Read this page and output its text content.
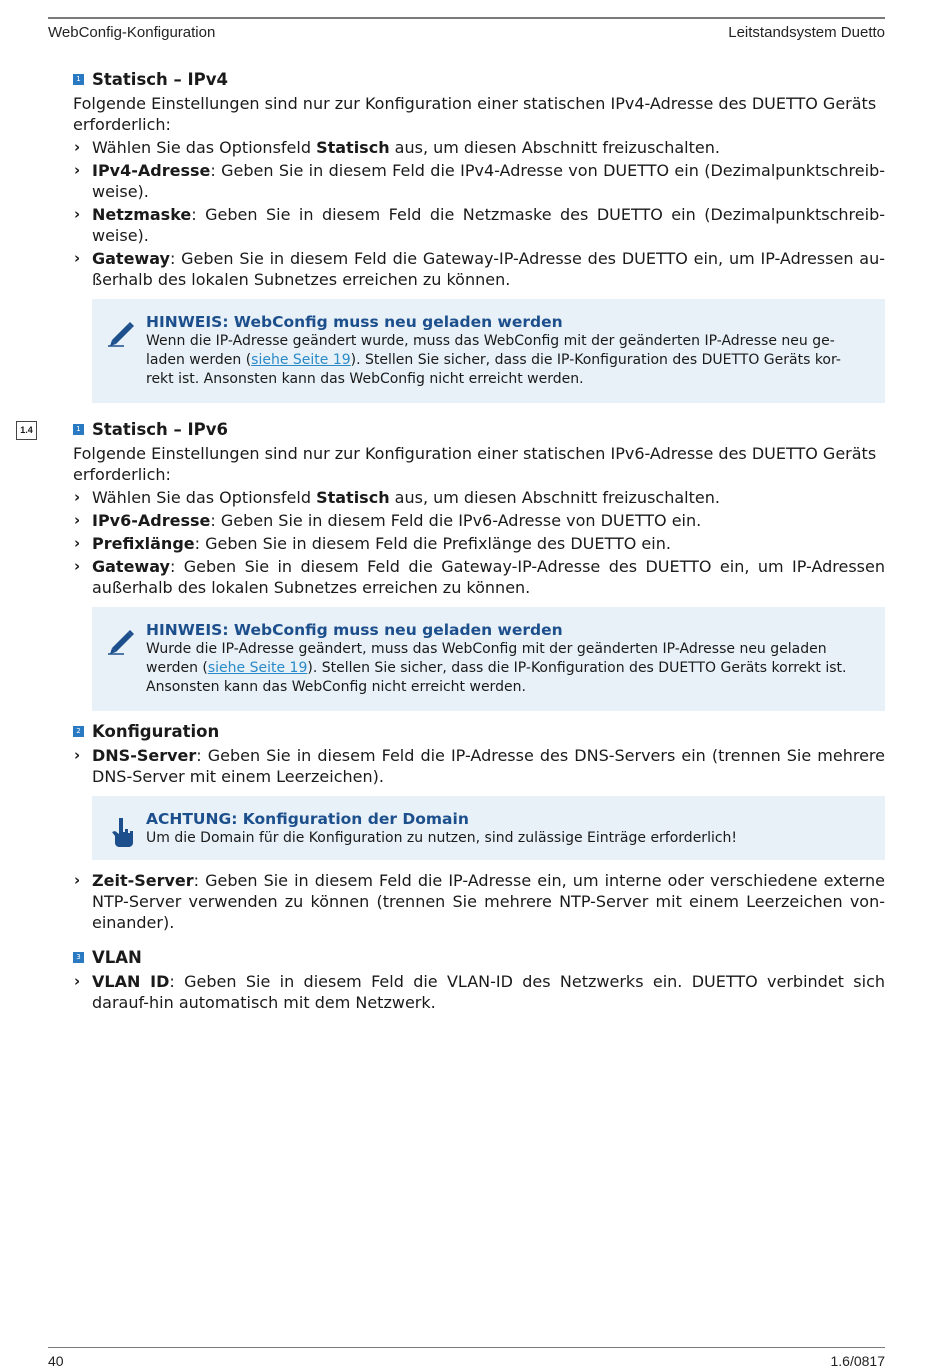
WebConfig-Konfiguration	Leitstandsystem Duetto
1.4
1 Statisch – IPv4

Folgende Einstellungen sind nur zur Konfiguration einer statischen IPv4-Adresse des DUETTO Geräts erforderlich:

› Wählen Sie das Optionsfeld Statisch aus, um diesen Abschnitt freizuschalten.
› IPv4-Adresse: Geben Sie in diesem Feld die IPv4-Adresse von DUETTO ein (Dezimalpunktschreib-weise).
› Netzmaske: Geben Sie in diesem Feld die Netzmaske des DUETTO ein (Dezimalpunktschreib-weise).
› Gateway: Geben Sie in diesem Feld die Gateway-IP-Adresse des DUETTO ein, um IP-Adressen au-ßerhalb des lokalen Subnetzes erreichen zu können.
HINWEIS: WebConfig muss neu geladen werden
Wenn die IP-Adresse geändert wurde, muss das WebConfig mit der geänderten IP-Adresse neu ge-laden werden (siehe Seite 19). Stellen Sie sicher, dass die IP-Konfiguration des DUETTO Geräts kor-rekt ist. Ansonsten kann das WebConfig nicht erreicht werden.
1 Statisch – IPv6

Folgende Einstellungen sind nur zur Konfiguration einer statischen IPv6-Adresse des DUETTO Geräts erforderlich:

› Wählen Sie das Optionsfeld Statisch aus, um diesen Abschnitt freizuschalten.
› IPv6-Adresse: Geben Sie in diesem Feld die IPv6-Adresse von DUETTO ein.
› Prefixlänge: Geben Sie in diesem Feld die Prefixlänge des DUETTO ein.
› Gateway: Geben Sie in diesem Feld die Gateway-IP-Adresse des DUETTO ein, um IP-Adressen außerhalb des lokalen Subnetzes erreichen zu können.
HINWEIS: WebConfig muss neu geladen werden
Wurde die IP-Adresse geändert, muss das WebConfig mit der geänderten IP-Adresse neu geladen werden (siehe Seite 19). Stellen Sie sicher, dass die IP-Konfiguration des DUETTO Geräts korrekt ist. Ansonsten kann das WebConfig nicht erreicht werden.
2 Konfiguration
› DNS-Server: Geben Sie in diesem Feld die IP-Adresse des DNS-Servers ein (trennen Sie mehrere DNS-Server mit einem Leerzeichen).
ACHTUNG: Konfiguration der Domain
Um die Domain für die Konfiguration zu nutzen, sind zulässige Einträge erforderlich!
› Zeit-Server: Geben Sie in diesem Feld die IP-Adresse ein, um interne oder verschiedene externe NTP-Server verwenden zu können (trennen Sie mehrere NTP-Server mit einem Leerzeichen von-einander).
3 VLAN
› VLAN ID: Geben Sie in diesem Feld die VLAN-ID des Netzwerks ein. DUETTO verbindet sich darauf-hin automatisch mit dem Netzwerk.
40	1.6/0817
